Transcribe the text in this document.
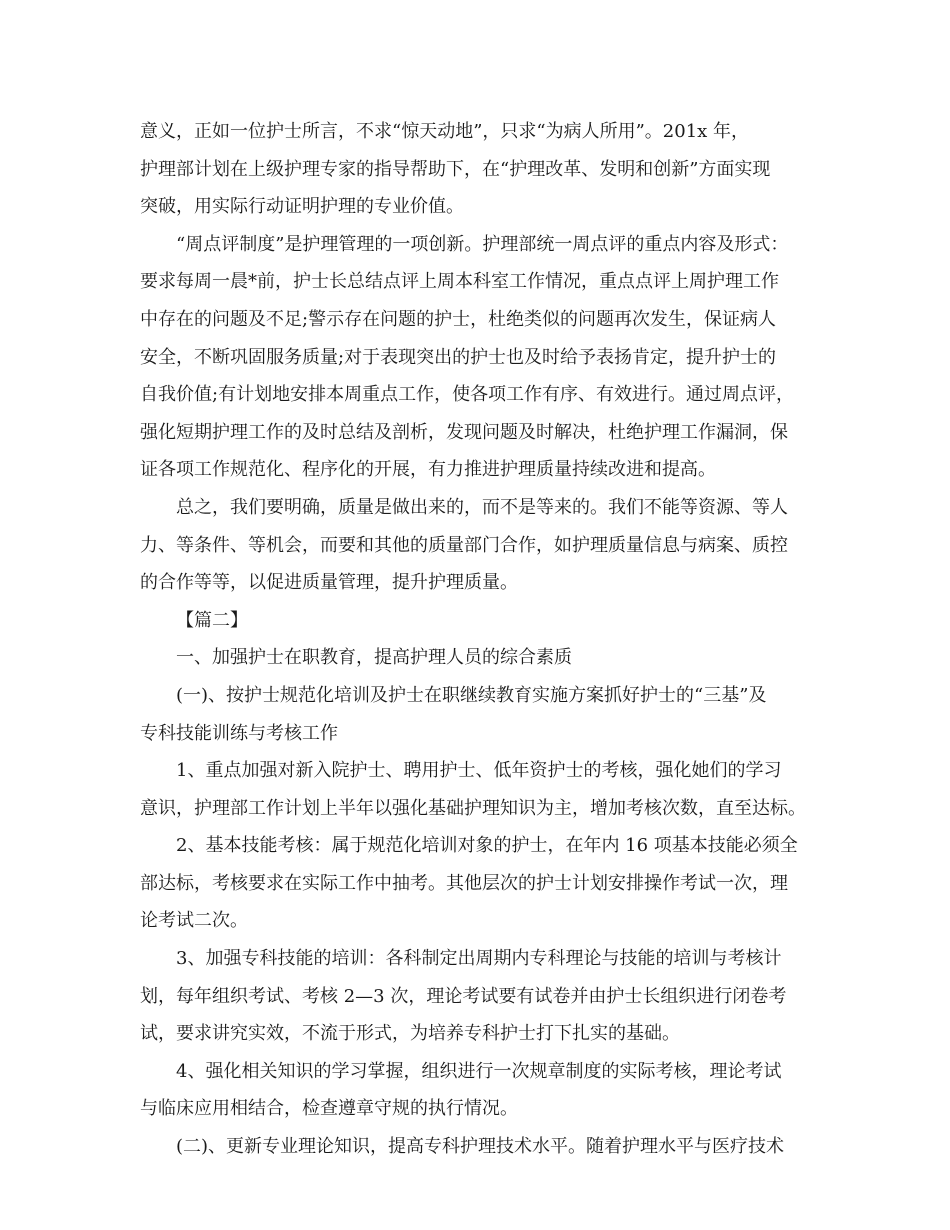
意义，正如一位护士所言，不求“惊天动地”，只求“为病人所用”。201x 年，
护理部计划在上级护理专家的指导帮助下，在“护理改革、发明和创新”方面实现
突破，用实际行动证明护理的专业价值。
“周点评制度”是护理管理的一项创新。护理部统一周点评的重点内容及形式：
要求每周一晨*前，护士长总结点评上周本科室工作情况，重点点评上周护理工作
中存在的问题及不足;警示存在问题的护士，杜绝类似的问题再次发生，保证病人
安全，不断巩固服务质量;对于表现突出的护士也及时给予表扬肯定，提升护士的
自我价值;有计划地安排本周重点工作，使各项工作有序、有效进行。通过周点评，
强化短期护理工作的及时总结及剖析，发现问题及时解决，杜绝护理工作漏洞，保
证各项工作规范化、程序化的开展，有力推进护理质量持续改进和提高。
总之，我们要明确，质量是做出来的，而不是等来的。我们不能等资源、等人
力、等条件、等机会，而要和其他的质量部门合作，如护理质量信息与病案、质控
的合作等等，以促进质量管理，提升护理质量。
【篇二】
一、加强护士在职教育，提高护理人员的综合素质
(一)、按护士规范化培训及护士在职继续教育实施方案抓好护士的“三基”及
专科技能训练与考核工作
1、重点加强对新入院护士、聘用护士、低年资护士的考核，强化她们的学习
意识，护理部工作计划上半年以强化基础护理知识为主，增加考核次数，直至达标。
2、基本技能考核：属于规范化培训对象的护士，在年内 16 项基本技能必须全
部达标，考核要求在实际工作中抽考。其他层次的护士计划安排操作考试一次，理
论考试二次。
3、加强专科技能的培训：各科制定出周期内专科理论与技能的培训与考核计
划，每年组织考试、考核 2—3 次，理论考试要有试卷并由护士长组织进行闭卷考
试，要求讲究实效，不流于形式，为培养专科护士打下扎实的基础。
4、强化相关知识的学习掌握，组织进行一次规章制度的实际考核，理论考试
与临床应用相结合，检查遵章守规的执行情况。
(二)、更新专业理论知识，提高专科护理技术水平。随着护理水平与医疗技术
